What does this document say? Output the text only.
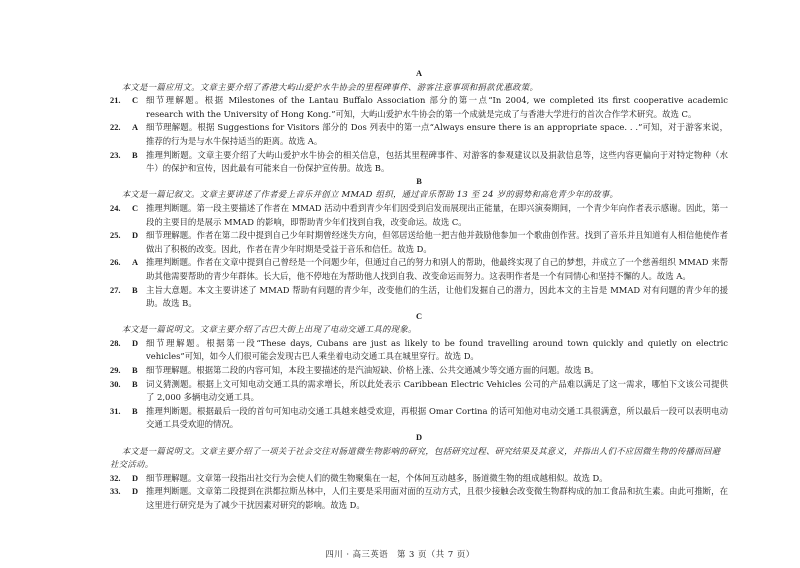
A
本文是一篇应用文。文章主要介绍了香港大屿山爱护水牛协会的里程碑事件、游客注意事项和捐款优惠政策。
21.	C 细节理解题。根据 Milestones of the Lantau Buffalo Association 部分的第一点“In 2004, we completed its first cooperative academic research with the University of Hong Kong.”可知，大屿山爱护水牛协会的第一个成就是完成了与香港大学进行的首次合作学术研究。故选 C。
22.	A 细节理解题。根据 Suggestions for Visitors 部分的 Dos 列表中的第一点“Always ensure there is an appropriate space. . .”可知，对于游客来说，推荐的行为是与水牛保持适当的距离。故选 A。
23.	B	推理判断题。文章主要介绍了大屿山爱护水牛协会的相关信息，包括其里程碑事件、对游客的参观建议以及捐款信息等，这些内容更偏向于对特定物种（水牛）的保护和宣传，因此最有可能来自一份保护宣传册。故选 B。
B
本文是一篇记叙文。文章主要讲述了作者爱上音乐并创立 MMAD 组织，通过音乐帮助 13 至 24 岁的弱势和高危青少年的故事。
24.	C 推理判断题。第一段主要描述了作者在 MMAD 活动中看到青少年们因受到启发而展现出正能量，在即兴演奏期间，一个青少年向作者表示感谢。因此，第一段的主要目的是展示 MMAD 的影响，即帮助青少年们找到自我，改变命运。故选 C。
25.	D 细节理解题。作者在第二段中提到自己少年时期曾经迷失方向，但邻居送给他一把吉他并鼓励他参加一个歌曲创作营。找到了音乐并且知道有人相信他使作者做出了积极的改变。因此，作者在青少年时期是受益于音乐和信任。故选 D。
26.	A 推理判断题。作者在文章中提到自己曾经是一个问题少年，但通过自己的努力和别人的帮助，他最终实现了自己的梦想，并成立了一个慈善组织 MMAD 来帮助其他需要帮助的青少年群体。长大后，他不停地在为帮助他人找到自我、改变命运而努力。这表明作者是一个有同情心和坚持不懈的人。故选 A。
27.	B	主旨大意题。本文主要讲述了 MMAD 帮助有问题的青少年，改变他们的生活，让他们发掘自己的潜力，因此本文的主旨是 MMAD 对有问题的青少年的援助。故选 B。
C
本文是一篇说明文。文章主要介绍了古巴大街上出现了电动交通工具的现象。
28.	D 细节理解题。根据第一段“These days, Cubans are just as likely to be found travelling around town quickly and quietly on electric vehicles”可知，如今人们很可能会发现古巴人乘坐着电动交通工具在城里穿行。故选 D。
29.	B	细节理解题。根据第二段的内容可知，本段主要描述的是汽油短缺、价格上涨、公共交通减少等交通方面的问题。故选 B。
30.	B	词义猜测题。根据上文可知电动交通工具的需求增长，所以此处表示 Caribbean Electric Vehicles 公司的产品难以满足了这一需求，哪怕下文该公司提供了 2,000 多辆电动交通工具。
31.	B	推理判断题。根据最后一段的首句可知电动交通工具越来越受欢迎，再根据 Omar Cortina 的话可知他对电动交通工具很满意，所以最后一段可以表明电动交通工具受欢迎的情况。
D
本文是一篇说明文。文章主要介绍了一项关于社会交往对肠道微生物影响的研究，包括研究过程、研究结果及其意义，并指出人们不应因微生物的传播而回避社交活动。
32.	D 细节理解题。文章第一段指出社交行为会使人们的微生物聚集在一起，个体间互动越多，肠道微生物的组成越相似。故选 D。
33.	D 推理判断题。文章第二段提到在洪都拉斯丛林中，人们主要是采用面对面的互动方式，且很少接触会改变微生物群构成的加工食品和抗生素。由此可推断，在这里进行研究是为了减少干扰因素对研究的影响。故选 D。
四川 · 高三英语　第 3 页（共 7 页）
